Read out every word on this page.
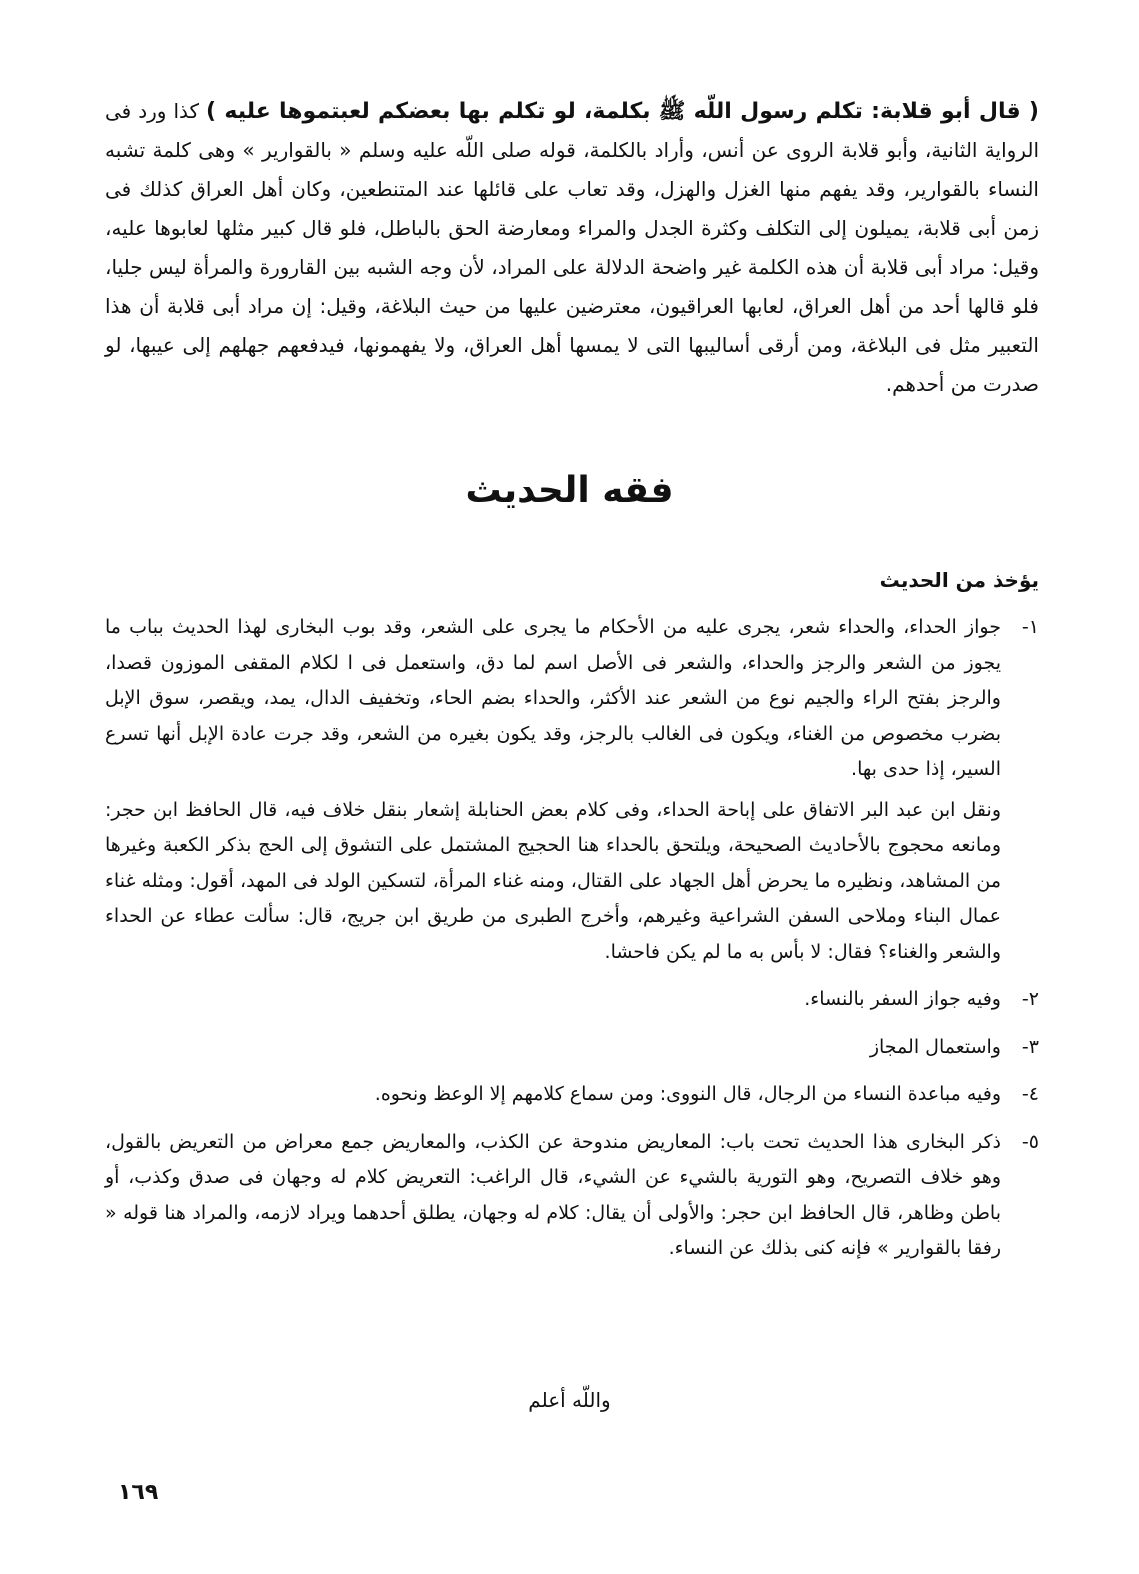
( قال أبو قلابة: تكلم رسول اللّه ﷺ بكلمة، لو تكلم بها بعضكم لعبتموها عليه ) كذا ورد فى الرواية الثانية، وأبو قلابة الروى عن أنس، وأراد بالكلمة، قوله صلى اللّه عليه وسلم « بالقوارير » وهى كلمة تشبه النساء بالقوارير، وقد يفهم منها الغزل والهزل، وقد تعاب على قائلها عند المتنطعين، وكان أهل العراق كذلك فى زمن أبى قلابة، يميلون إلى التكلف وكثرة الجدل والمراء ومعارضة الحق بالباطل، فلو قال كبير مثلها لعابوها عليه، وقيل: مراد أبى قلابة أن هذه الكلمة غير واضحة الدلالة على المراد، لأن وجه الشبه بين القارورة والمرأة ليس جليا، فلو قالها أحد من أهل العراق، لعابها العراقيون، معترضين عليها من حيث البلاغة، وقيل: إن مراد أبى قلابة أن هذا التعبير مثل فى البلاغة، ومن أرقى أساليبها التى لا يمسها أهل العراق، ولا يفهمونها، فيدفعهم جهلهم إلى عيبها، لو صدرت من أحدهم.
فقه الحديث
يؤخذ من الحديث
١-

جواز الحداء، والحداء شعر، يجرى عليه من الأحكام ما يجرى على الشعر، وقد بوب البخارى لهذا الحديث بباب ما يجوز من الشعر والرجز والحداء، والشعر فى الأصل اسم لما دق، واستعمل فى ا لكلام المقفى الموزون قصدا، والرجز بفتح الراء والجيم نوع من الشعر عند الأكثر، والحداء بضم الحاء، وتخفيف الدال، يمد، ويقصر، سوق الإبل بضرب مخصوص من الغناء، ويكون فى الغالب بالرجز، وقد يكون بغيره من الشعر، وقد جرت عادة الإبل أنها تسرع السير، إذا حدى بها.

ونقل ابن عبد البر الاتفاق على إباحة الحداء، وفى كلام بعض الحنابلة إشعار بنقل خلاف فيه، قال الحافظ ابن حجر: ومانعه محجوج بالأحاديث الصحيحة، ويلتحق بالحداء هنا الحجيج المشتمل على التشوق إلى الحج بذكر الكعبة وغيرها من المشاهد، ونظيره ما يحرض أهل الجهاد على القتال، ومنه غناء المرأة، لتسكين الولد فى المهد، أقول: ومثله غناء عمال البناء وملاحى السفن الشراعية وغيرهم، وأخرج الطبرى من طريق ابن جريج، قال: سألت عطاء عن الحداء والشعر والغناء؟ فقال: لا بأس به ما لم يكن فاحشا.

٢-

وفيه جواز السفر بالنساء.

٣-

واستعمال المجاز

٤-

وفيه مباعدة النساء من الرجال، قال النووى: ومن سماع كلامهم إلا الوعظ ونحوه.

٥-

ذكر البخارى هذا الحديث تحت باب: المعاريض مندوحة عن الكذب، والمعاريض جمع معراض من التعريض بالقول، وهو خلاف التصريح، وهو التورية بالشيء عن الشيء، قال الراغب: التعريض كلام له وجهان فى صدق وكذب، أو باطن وظاهر، قال الحافظ ابن حجر: والأولى أن يقال: كلام له وجهان، يطلق أحدهما ويراد لازمه، والمراد هنا قوله « رفقا بالقوارير » فإنه كنى بذلك عن النساء.

واللّه أعلم
١٦٩
